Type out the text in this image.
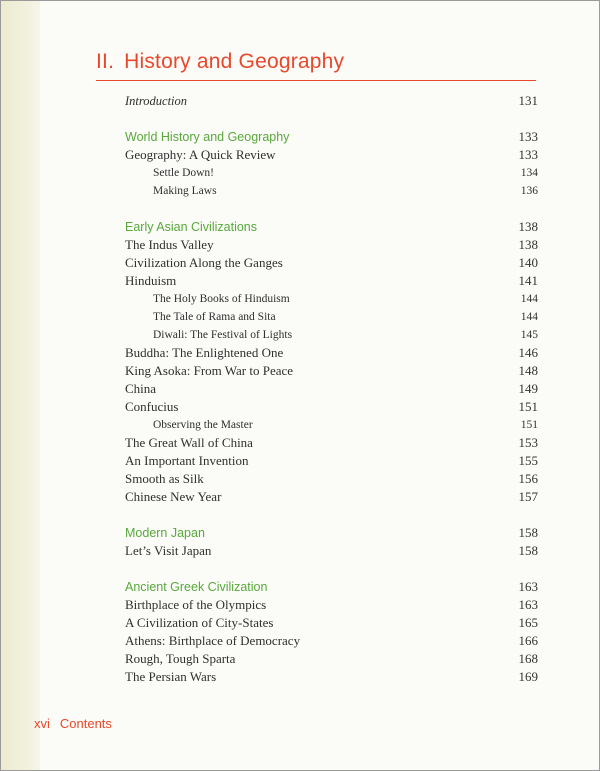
II. History and Geography
Introduction	131
World History and Geography	133
Geography: A Quick Review	133
Settle Down!	134
Making Laws	136
Early Asian Civilizations	138
The Indus Valley	138
Civilization Along the Ganges	140
Hinduism	141
The Holy Books of Hinduism	144
The Tale of Rama and Sita	144
Diwali: The Festival of Lights	145
Buddha: The Enlightened One	146
King Asoka: From War to Peace	148
China	149
Confucius	151
Observing the Master	151
The Great Wall of China	153
An Important Invention	155
Smooth as Silk	156
Chinese New Year	157
Modern Japan	158
Let’s Visit Japan	158
Ancient Greek Civilization	163
Birthplace of the Olympics	163
A Civilization of City-States	165
Athens: Birthplace of Democracy	166
Rough, Tough Sparta	168
The Persian Wars	169
xvi Contents
